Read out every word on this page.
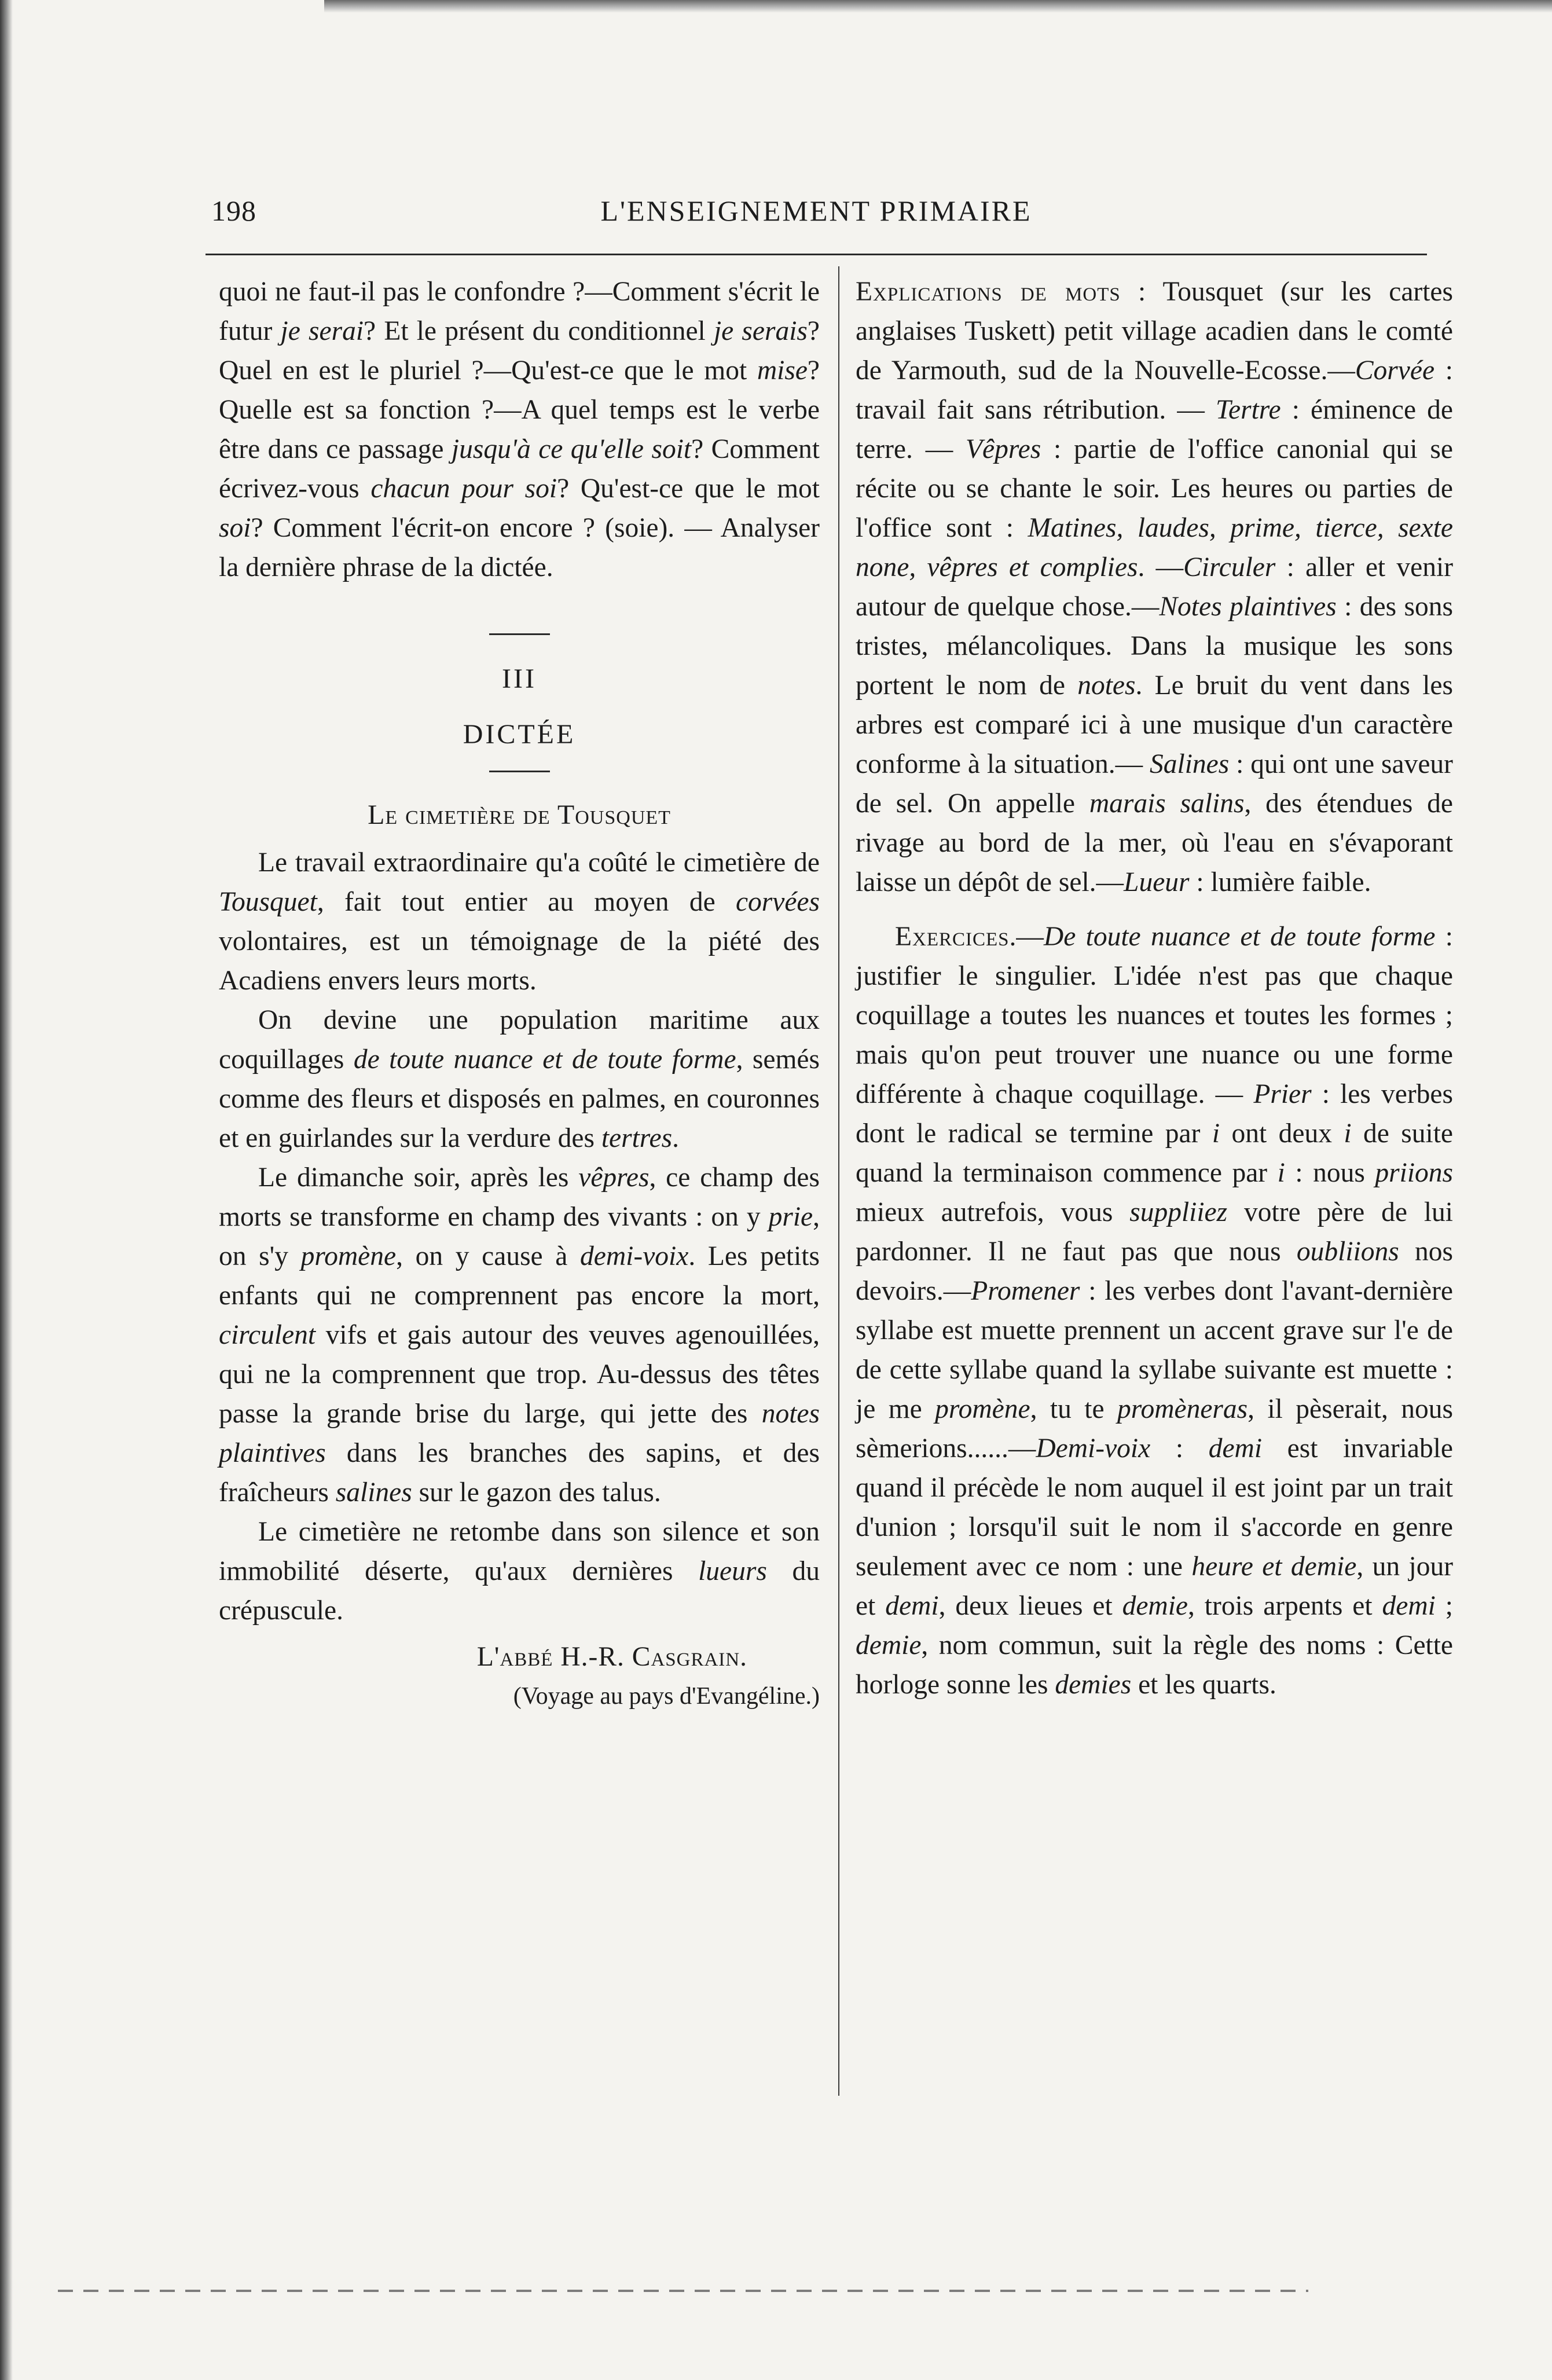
198	L'ENSEIGNEMENT PRIMAIRE

quoi ne faut-il pas le confondre ?—Comment s'écrit le futur je serai? Et le présent du conditionnel je serais? Quel en est le pluriel ?—Qu'est-ce que le mot mise? Quelle est sa fonction ?—A quel temps est le verbe être dans ce passage jusqu'à ce qu'elle soit? Comment écrivez-vous chacun pour soi? Qu'est-ce que le mot soi? Comment l'écrit-on encore ? (soie). — Analyser la dernière phrase de la dictée.

III

DICTÉE

Le cimetière de Tousquet

Le travail extraordinaire qu'a coûté le cimetière de Tousquet, fait tout entier au moyen de corvées volontaires, est un témoignage de la piété des Acadiens envers leurs morts.

On devine une population maritime aux coquillages de toute nuance et de toute forme, semés comme des fleurs et disposés en palmes, en couronnes et en guirlandes sur la verdure des tertres.

Le dimanche soir, après les vêpres, ce champ des morts se transforme en champ des vivants : on y prie, on s'y promène, on y cause à demi-voix. Les petits enfants qui ne comprennent pas encore la mort, circulent vifs et gais autour des veuves agenouillées, qui ne la comprennent que trop. Au-dessus des têtes passe la grande brise du large, qui jette des notes plaintives dans les branches des sapins, et des fraîcheurs salines sur le gazon des talus.

Le cimetière ne retombe dans son silence et son immobilité déserte, qu'aux dernières lueurs du crépuscule.

L'abbé H.-R. Casgrain.

(Voyage au pays d'Evangéline.)

Explications de mots : Tousquet (sur les cartes anglaises Tuskett) petit village acadien dans le comté de Yarmouth, sud de la Nouvelle-Ecosse.—Corvée : travail fait sans rétribution. — Tertre : éminence de terre. — Vêpres : partie de l'office canonial qui se récite ou se chante le soir. Les heures ou parties de l'office sont : Matines, laudes, prime, tierce, sexte none, vêpres et complies. —Circuler : aller et venir autour de quelque chose.—Notes plaintives : des sons tristes, mélancoliques. Dans la musique les sons portent le nom de notes. Le bruit du vent dans les arbres est comparé ici à une musique d'un caractère conforme à la situation.— Salines : qui ont une saveur de sel. On appelle marais salins, des étendues de rivage au bord de la mer, où l'eau en s'évaporant laisse un dépôt de sel.—Lueur : lumière faible.

Exercices.—De toute nuance et de toute forme : justifier le singulier. L'idée n'est pas que chaque coquillage a toutes les nuances et toutes les formes ; mais qu'on peut trouver une nuance ou une forme différente à chaque coquillage. — Prier : les verbes dont le radical se termine par i ont deux i de suite quand la terminaison commence par i : nous priions mieux autrefois, vous suppliiez votre père de lui pardonner. Il ne faut pas que nous oubliions nos devoirs.—Promener : les verbes dont l'avant-dernière syllabe est muette prennent un accent grave sur l'e de de cette syllabe quand la syllabe suivante est muette : je me promène, tu te promèneras, il pèserait, nous sèmerions......—Demi-voix : demi est invariable quand il précède le nom auquel il est joint par un trait d'union ; lorsqu'il suit le nom il s'accorde en genre seulement avec ce nom : une heure et demie, un jour et demi, deux lieues et demie, trois arpents et demi ; demie, nom commun, suit la règle des noms : Cette horloge sonne les demies et les quarts.
